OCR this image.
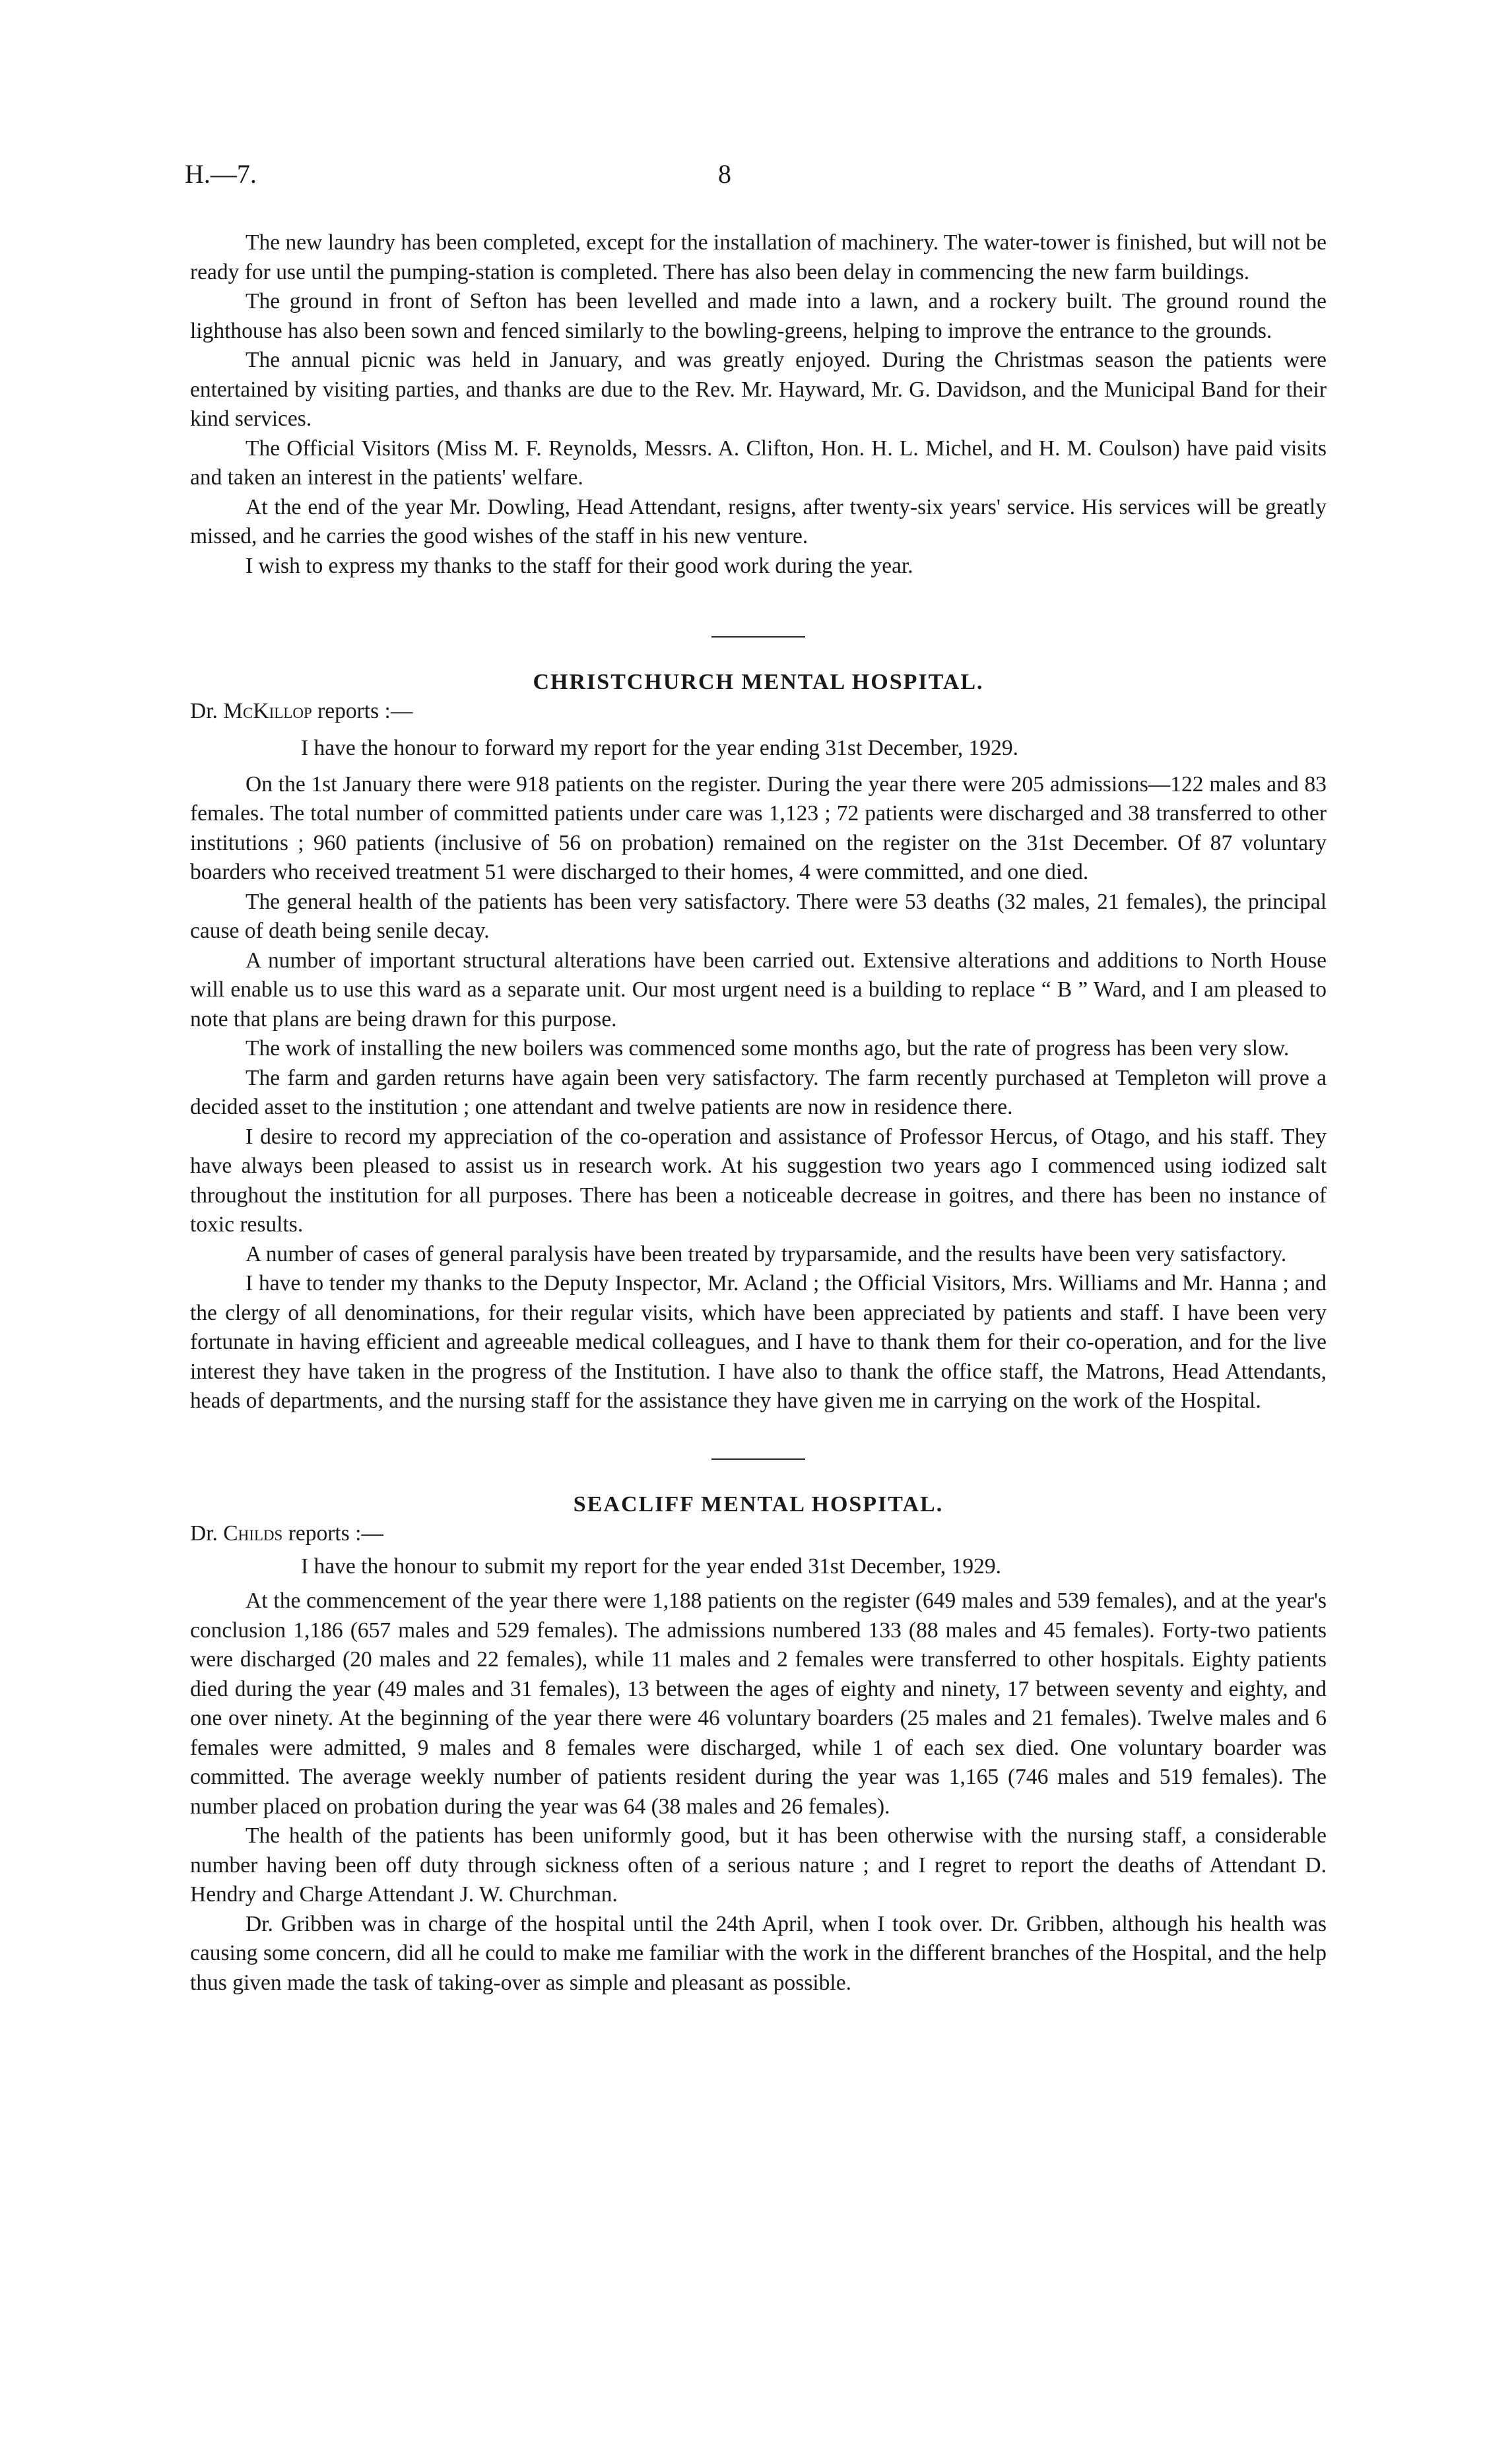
H.—7.	8

The new laundry has been completed, except for the installation of machinery. The water-tower is finished, but will not be ready for use until the pumping-station is completed. There has also been delay in commencing the new farm buildings.

The ground in front of Sefton has been levelled and made into a lawn, and a rockery built. The ground round the lighthouse has also been sown and fenced similarly to the bowling-greens, helping to improve the entrance to the grounds.

The annual picnic was held in January, and was greatly enjoyed. During the Christmas season the patients were entertained by visiting parties, and thanks are due to the Rev. Mr. Hayward, Mr. G. Davidson, and the Municipal Band for their kind services.

The Official Visitors (Miss M. F. Reynolds, Messrs. A. Clifton, Hon. H. L. Michel, and H. M. Coulson) have paid visits and taken an interest in the patients' welfare.

At the end of the year Mr. Dowling, Head Attendant, resigns, after twenty-six years' service. His services will be greatly missed, and he carries the good wishes of the staff in his new venture.

I wish to express my thanks to the staff for their good work during the year.

CHRISTCHURCH MENTAL HOSPITAL.

Dr. McKillop reports :—

I have the honour to forward my report for the year ending 31st December, 1929.

On the 1st January there were 918 patients on the register. During the year there were 205 admissions—122 males and 83 females. The total number of committed patients under care was 1,123 ; 72 patients were discharged and 38 transferred to other institutions ; 960 patients (inclusive of 56 on probation) remained on the register on the 31st December. Of 87 voluntary boarders who received treatment 51 were discharged to their homes, 4 were committed, and one died.

The general health of the patients has been very satisfactory. There were 53 deaths (32 males, 21 females), the principal cause of death being senile decay.

A number of important structural alterations have been carried out. Extensive alterations and additions to North House will enable us to use this ward as a separate unit. Our most urgent need is a building to replace “ B ” Ward, and I am pleased to note that plans are being drawn for this purpose.

The work of installing the new boilers was commenced some months ago, but the rate of progress has been very slow.

The farm and garden returns have again been very satisfactory. The farm recently purchased at Templeton will prove a decided asset to the institution ; one attendant and twelve patients are now in residence there.

I desire to record my appreciation of the co-operation and assistance of Professor Hercus, of Otago, and his staff. They have always been pleased to assist us in research work. At his suggestion two years ago I commenced using iodized salt throughout the institution for all purposes. There has been a noticeable decrease in goitres, and there has been no instance of toxic results.

A number of cases of general paralysis have been treated by tryparsamide, and the results have been very satisfactory.

I have to tender my thanks to the Deputy Inspector, Mr. Acland ; the Official Visitors, Mrs. Williams and Mr. Hanna ; and the clergy of all denominations, for their regular visits, which have been appreciated by patients and staff. I have been very fortunate in having efficient and agreeable medical colleagues, and I have to thank them for their co-operation, and for the live interest they have taken in the progress of the Institution. I have also to thank the office staff, the Matrons, Head Attendants, heads of departments, and the nursing staff for the assistance they have given me in carrying on the work of the Hospital.

SEACLIFF MENTAL HOSPITAL.

Dr. Childs reports :—

I have the honour to submit my report for the year ended 31st December, 1929.

At the commencement of the year there were 1,188 patients on the register (649 males and 539 females), and at the year's conclusion 1,186 (657 males and 529 females). The admissions numbered 133 (88 males and 45 females). Forty-two patients were discharged (20 males and 22 females), while 11 males and 2 females were transferred to other hospitals. Eighty patients died during the year (49 males and 31 females), 13 between the ages of eighty and ninety, 17 between seventy and eighty, and one over ninety. At the beginning of the year there were 46 voluntary boarders (25 males and 21 females). Twelve males and 6 females were admitted, 9 males and 8 females were discharged, while 1 of each sex died. One voluntary boarder was committed. The average weekly number of patients resident during the year was 1,165 (746 males and 519 females). The number placed on probation during the year was 64 (38 males and 26 females).

The health of the patients has been uniformly good, but it has been otherwise with the nursing staff, a considerable number having been off duty through sickness often of a serious nature ; and I regret to report the deaths of Attendant D. Hendry and Charge Attendant J. W. Churchman.

Dr. Gribben was in charge of the hospital until the 24th April, when I took over. Dr. Gribben, although his health was causing some concern, did all he could to make me familiar with the work in the different branches of the Hospital, and the help thus given made the task of taking-over as simple and pleasant as possible.
